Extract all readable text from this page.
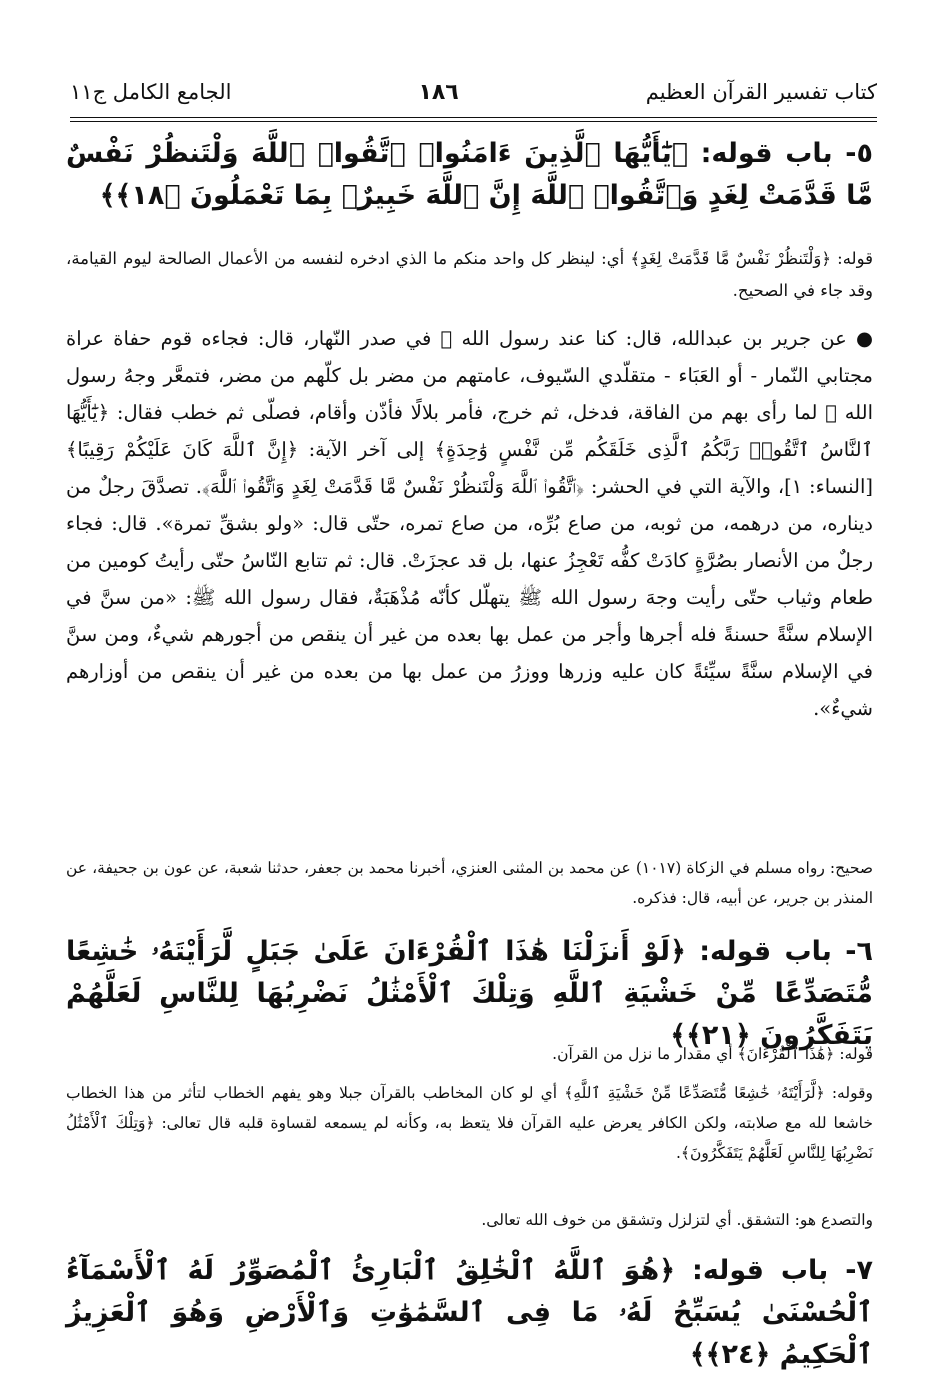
كتاب تفسير القرآن العظيم
١٨٦
الجامع الكامل ج١١
٥- باب قوله: ﴿يَٰٓأَيُّهَا ٱلَّذِينَ ءَامَنُوا۟ ٱتَّقُوا۟ ٱللَّهَ وَلْتَنظُرْ نَفْسٌ مَّا قَدَّمَتْ لِغَدٍ وَٱتَّقُوا۟ ٱللَّهَ إِنَّ ٱللَّهَ خَبِيرٌۢ بِمَا تَعْمَلُونَ ﴿١٨﴾﴾
قوله: ﴿وَلْتَنظُرْ نَفْسٌ مَّا قَدَّمَتْ لِغَدٍ﴾ أي: لينظر كل واحد منكم ما الذي ادخره لنفسه من الأعمال الصالحة ليوم القيامة، وقد جاء في الصحيح.
● عن جرير بن عبدالله، قال: كنا عند رسول الله ﷺ في صدر النّهار، قال: فجاءه قوم حفاة عراة مجتابي النّمار - أو العَبَاء - متقلّدي السّيوف، عامتهم من مضر بل كلّهم من مضر، فتمعَّر وجهُ رسول الله ﷺ لما رأى بهم من الفاقة، فدخل، ثم خرج، فأمر بلالًا فأذّن وأقام، فصلّى ثم خطب فقال: ﴿يَٰٓأَيُّهَا ٱلنَّاسُ ٱتَّقُوا۟ رَبَّكُمُ ٱلَّذِى خَلَقَكُم مِّن نَّفْسٍ وَٰحِدَةٍ﴾ إلى آخر الآية: ﴿إِنَّ ٱللَّهَ كَانَ عَلَيْكُمْ رَقِيبًا﴾ [النساء: ١]، والآية التي في الحشر: ﴿ٱتَّقُوا۟ ٱللَّهَ وَلْتَنظُرْ نَفْسٌ مَّا قَدَّمَتْ لِغَدٍ وَٱتَّقُوا۟ ٱللَّهَ﴾. تصدَّقَ رجلٌ من ديناره، من درهمه، من ثوبه، من صاع بُرِّه، من صاع تمره، حتّى قال: «ولو بشقِّ تمرة». قال: فجاء رجلٌ من الأنصار بصُرَّةٍ كادَتْ كفُّه تَعْجِزُ عنها، بل قد عجزَتْ. قال: ثم تتابع النّاسُ حتّى رأيتُ كومين من طعام وثياب حتّى رأيت وجهَ رسول الله ﷺ يتهلّل كأنّه مُذْهَبَةٌ، فقال رسول الله ﷺ: «من سنَّ في الإسلام سنَّةً حسنةً فله أجرها وأجر من عمل بها بعده من غير أن ينقص من أجورهم شيءٌ، ومن سنَّ في الإسلام سنَّةً سيِّئةً كان عليه وزرها ووزرُ من عمل بها من بعده من غير أن ينقص من أوزارهم شيءٌ».
صحيح: رواه مسلم في الزكاة (١٠١٧) عن محمد بن المثنى العنزي، أخبرنا محمد بن جعفر، حدثنا شعبة، عن عون بن جحيفة، عن المنذر بن جرير، عن أبيه، قال: فذكره.
٦- باب قوله: ﴿لَوْ أَنزَلْنَا هَٰذَا ٱلْقُرْءَانَ عَلَىٰ جَبَلٍ لَّرَأَيْتَهُۥ خَٰشِعًا مُّتَصَدِّعًا مِّنْ خَشْيَةِ ٱللَّهِ وَتِلْكَ ٱلْأَمْثَٰلُ نَضْرِبُهَا لِلنَّاسِ لَعَلَّهُمْ يَتَفَكَّرُونَ ﴿٢١﴾﴾
قوله: ﴿هَٰذَا ٱلْقُرْءَانَ﴾ أي مقدار ما نزل من القرآن.
وقوله: ﴿لَّرَأَيْتَهُۥ خَٰشِعًا مُّتَصَدِّعًا مِّنْ خَشْيَةِ ٱللَّهِ﴾ أي لو كان المخاطب بالقرآن جبلا وهو يفهم الخطاب لتأثر من هذا الخطاب خاشعا لله مع صلابته، ولكن الكافر يعرض عليه القرآن فلا يتعظ به، وكأنه لم يسمعه لقساوة قلبه قال تعالى: ﴿وَتِلْكَ ٱلْأَمْثَٰلُ نَضْرِبُهَا لِلنَّاسِ لَعَلَّهُمْ يَتَفَكَّرُونَ﴾.
والتصدع هو: التشقق. أي لتزلزل وتشقق من خوف الله تعالى.
٧- باب قوله: ﴿هُوَ ٱللَّهُ ٱلْخَٰلِقُ ٱلْبَارِئُ ٱلْمُصَوِّرُ لَهُ ٱلْأَسْمَآءُ ٱلْحُسْنَىٰ يُسَبِّحُ لَهُۥ مَا فِى ٱلسَّمَٰوَٰتِ وَٱلْأَرْضِ وَهُوَ ٱلْعَزِيزُ ٱلْحَكِيمُ ﴿٢٤﴾﴾
